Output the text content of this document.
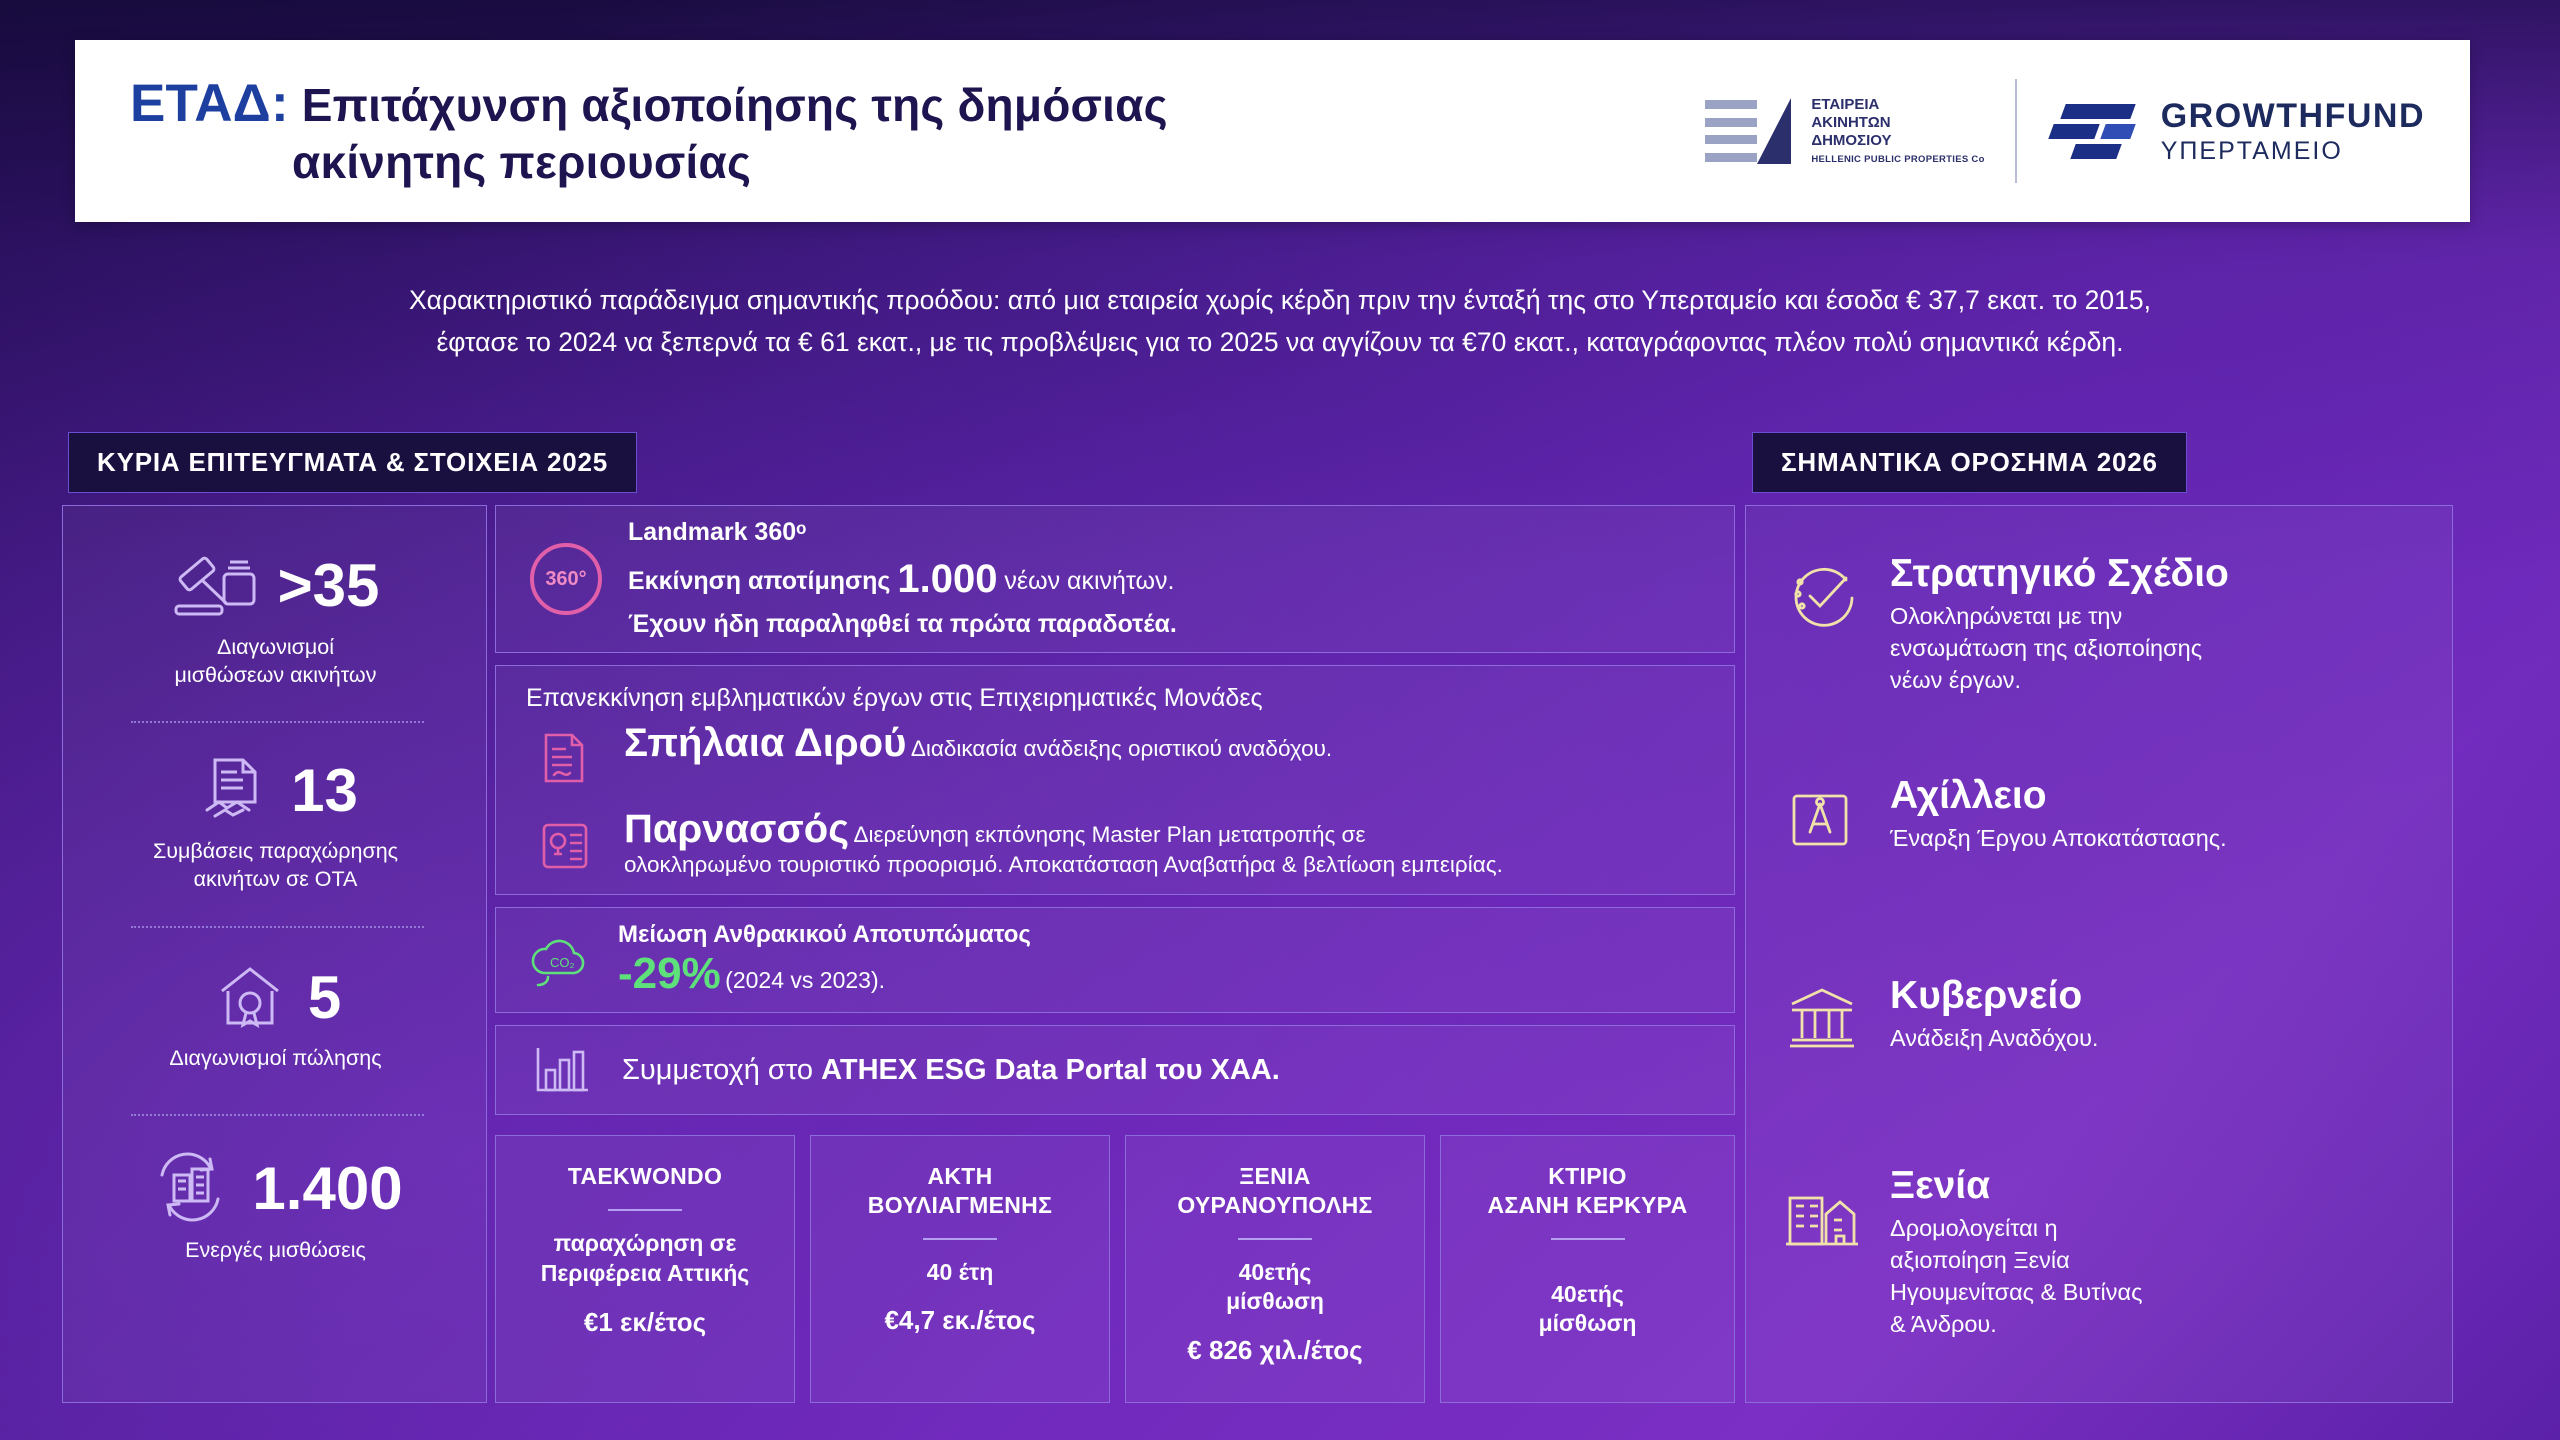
ΕΤΑΔ: Επιτάχυνση αξιοποίησης της δημόσιας
ακίνητης περιουσίας
ΕΤΑΙΡΕΙΑ
ΑΚΙΝΗΤΩΝ
ΔΗΜΟΣΙΟΥ
HELLENIC PUBLIC PROPERTIES Co
GROWTHFUND
ΥΠΕΡΤΑΜΕΙΟ
Χαρακτηριστικό παράδειγμα σημαντικής προόδου: από μια εταιρεία χωρίς κέρδη πριν την ένταξή της στο Υπερταμείο και έσοδα € 37,7 εκατ. το 2015,
έφτασε το 2024 να ξεπερνά τα € 61 εκατ., με τις προβλέψεις για το 2025 να αγγίζουν τα €70 εκατ., καταγράφοντας πλέον πολύ σημαντικά κέρδη.
ΚΥΡΙΑ ΕΠΙΤΕΥΓΜΑΤΑ & ΣΤΟΙΧΕΙΑ 2025	ΣΗΜΑΝΤΙΚΑ ΟΡΟΣΗΜΑ 2026
>35
Διαγωνισμοί
μισθώσεων ακινήτων
13
Συμβάσεις παραχώρησης
ακινήτων σε ΟΤΑ
5
Διαγωνισμοί πώλησης
1.400
Ενεργές μισθώσεις
360°
Landmark 360ᵒ
Εκκίνηση αποτίμησης 1.000 νέων ακινήτων.
Έχουν ήδη παραληφθεί τα πρώτα παραδοτέα.
Επανεκκίνηση εμβληματικών έργων στις Επιχειρηματικές Μονάδες
Σπήλαια Διρού Διαδικασία ανάδειξης οριστικού αναδόχου.
Παρνασσός Διερεύνηση εκπόνησης Master Plan μετατροπής σε
ολοκληρωμένο τουριστικό προορισμό. Αποκατάσταση Αναβατήρα & βελτίωση εμπειρίας.
CO₂
Μείωση Ανθρακικού Αποτυπώματος
-29% (2024 vs 2023).
Συμμετοχή στο ATHEX ESG Data Portal του ΧΑΑ.
TAEKWONDO

παραχώρηση σε

Περιφέρεια Αττικής

€1 εκ/έτος
ΑΚΤΗ
ΒΟΥΛΙΑΓΜΕΝΗΣ

40 έτη

€4,7 εκ./έτος
ΞΕΝΙΑ
ΟΥΡΑΝΟΥΠΟΛΗΣ

40ετής

μίσθωση

€ 826 χιλ./έτος
ΚΤΙΡΙΟ
ΑΣΑΝΗ ΚΕΡΚΥΡΑ

40ετής

μίσθωση

Στρατηγικό Σχέδιο

Ολοκληρώνεται με την

ενσωμάτωση της αξιοποίησης

νέων έργων.

Αχίλλειο

Έναρξη Έργου Αποκατάστασης.

Κυβερνείο

Ανάδειξη Αναδόχου.

Ξενία

Δρομολογείται η

αξιοποίηση Ξενία

Ηγουμενίτσας & Βυτίνας

& Άνδρου.
